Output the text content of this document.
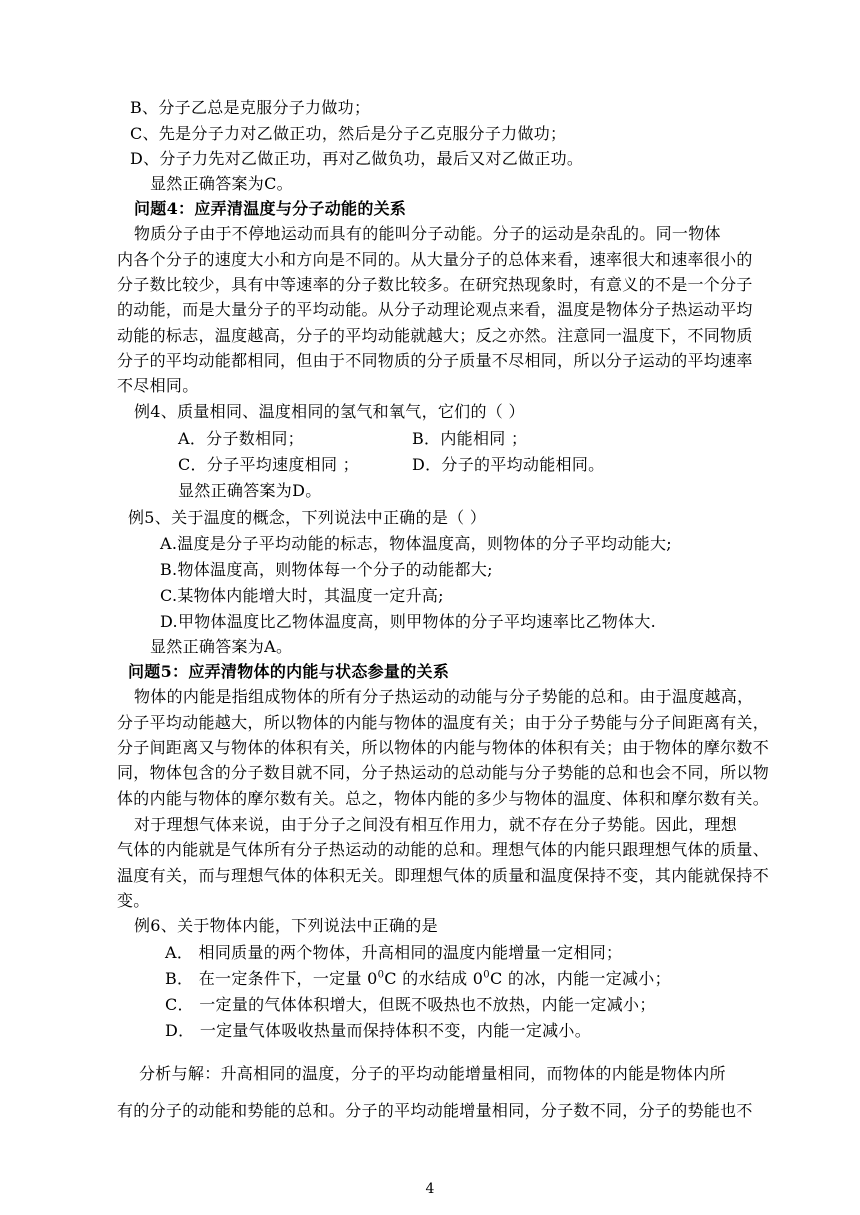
B、分子乙总是克服分子力做功；
C、先是分子力对乙做正功，然后是分子乙克服分子力做功；
D、分子力先对乙做正功，再对乙做负功，最后又对乙做正功。
显然正确答案为C。
问题4：应弄清温度与分子动能的关系
物质分子由于不停地运动而具有的能叫分子动能。分子的运动是杂乱的。同一物体
内各个分子的速度大小和方向是不同的。从大量分子的总体来看，速率很大和速率很小的
分子数比较少，具有中等速率的分子数比较多。在研究热现象时，有意义的不是一个分子
的动能，而是大量分子的平均动能。从分子动理论观点来看，温度是物体分子热运动平均
动能的标志，温度越高，分子的平均动能就越大；反之亦然。注意同一温度下，不同物质
分子的平均动能都相同，但由于不同物质的分子质量不尽相同，所以分子运动的平均速率
不尽相同。
例4、质量相同、温度相同的氢气和氧气，它们的（ ）
A．分子数相同；	B．内能相同 ；
C．分子平均速度相同 ；	D．分子的平均动能相同。
显然正确答案为D。
例5、关于温度的概念，下列说法中正确的是（ ）
A.温度是分子平均动能的标志，物体温度高，则物体的分子平均动能大;
B.物体温度高，则物体每一个分子的动能都大;
C.某物体内能增大时，其温度一定升高;
D.甲物体温度比乙物体温度高，则甲物体的分子平均速率比乙物体大.
显然正确答案为A。
问题5：应弄清物体的内能与状态参量的关系
物体的内能是指组成物体的所有分子热运动的动能与分子势能的总和。由于温度越高，
分子平均动能越大，所以物体的内能与物体的温度有关；由于分子势能与分子间距离有关，
分子间距离又与物体的体积有关，所以物体的内能与物体的体积有关；由于物体的摩尔数不
同，物体包含的分子数目就不同，分子热运动的总动能与分子势能的总和也会不同，所以物
体的内能与物体的摩尔数有关。总之，物体内能的多少与物体的温度、体积和摩尔数有关。
对于理想气体来说，由于分子之间没有相互作用力，就不存在分子势能。因此，理想
气体的内能就是气体所有分子热运动的动能的总和。理想气体的内能只跟理想气体的质量、
温度有关，而与理想气体的体积无关。即理想气体的质量和温度保持不变，其内能就保持不
变。
例6、关于物体内能，下列说法中正确的是
A． 相同质量的两个物体，升高相同的温度内能增量一定相同；
B． 在一定条件下，一定量 $0^0C$ 的水结成 $0^0C$ 的冰，内能一定减小；
C． 一定量的气体体积增大，但既不吸热也不放热，内能一定减小；
D． 一定量气体吸收热量而保持体积不变，内能一定减小。
分析与解：升高相同的温度，分子的平均动能增量相同，而物体的内能是物体内所
有的分子的动能和势能的总和。分子的平均动能增量相同，分子数不同，分子的势能也不
4
